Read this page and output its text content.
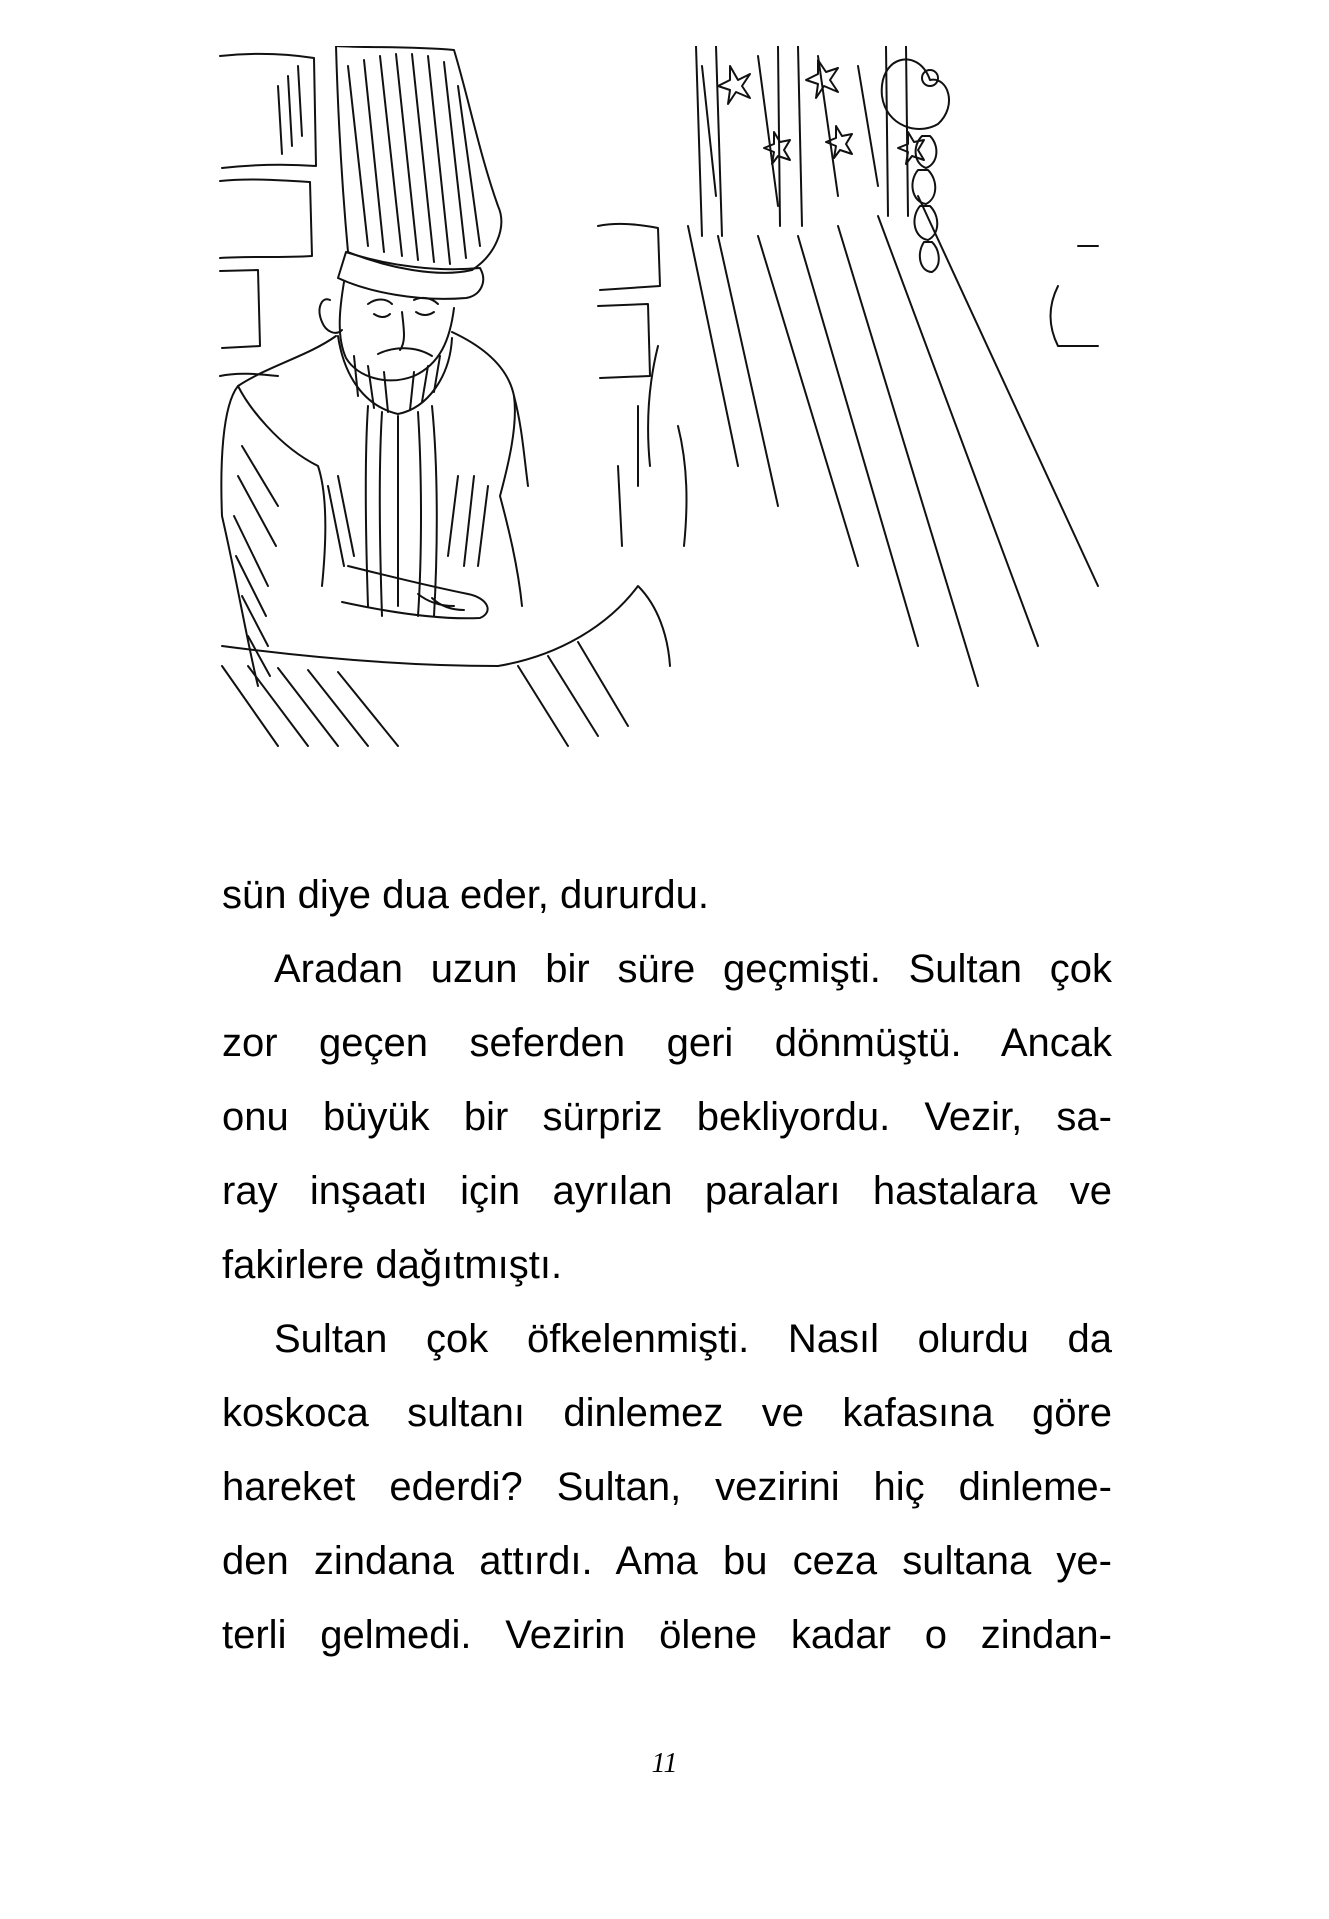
sün diye dua eder, dururdu.
Aradan uzun bir süre geçmişti. Sultan çok
zor geçen seferden geri dönmüştü. Ancak
onu büyük bir sürpriz bekliyordu. Vezir, sa-
ray inşaatı için ayrılan paraları hastalara ve
fakirlere dağıtmıştı.
Sultan çok öfkelenmişti. Nasıl olurdu da
koskoca sultanı dinlemez ve kafasına göre
hareket ederdi? Sultan, vezirini hiç dinleme-
den zindana attırdı. Ama bu ceza sultana ye-
terli gelmedi. Vezirin ölene kadar o zindan-
11
